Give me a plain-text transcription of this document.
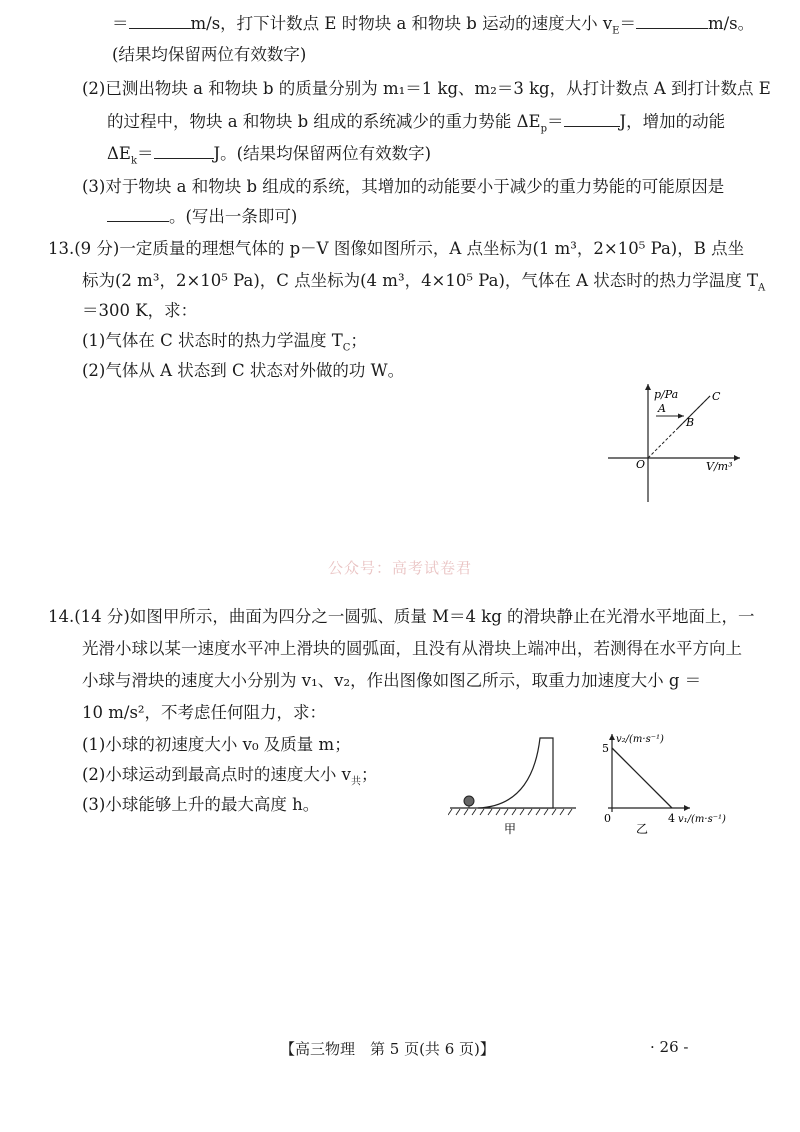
＝	m/s，打下计数点 E 时物块 a 和物块 b 运动的速度大小 $v_E=$	m/s。
(结果均保留两位有效数字)
(2)已测出物块 a 和物块 b 的质量分别为 m₁＝1 kg、m₂＝3 kg，从打计数点 A 到打计数点 E
的过程中，物块 a 和物块 b 组成的系统减少的重力势能 $\Delta E_p=$	J，增加的动能
$\Delta E_k=$	J。(结果均保留两位有效数字)
(3)对于物块 a 和物块 b 组成的系统，其增加的动能要小于减少的重力势能的可能原因是
。(写出一条即可)
13.(9 分)一定质量的理想气体的 p－V 图像如图所示，A 点坐标为(1 m³，2×10⁵ Pa)，B 点坐
标为(2 m³，2×10⁵ Pa)，C 点坐标为(4 m³，4×10⁵ Pa)，气体在 A 状态时的热力学温度 $T_A$
＝300 K，求：
(1)气体在 C 状态时的热力学温度 $T_C$；
(2)气体从 A 状态到 C 状态对外做的功 W。
p/Pa
V/m³
O
A
B
C
公众号：高考试卷君
14.(14 分)如图甲所示，曲面为四分之一圆弧、质量 M＝4 kg 的滑块静止在光滑水平地面上，一
光滑小球以某一速度水平冲上滑块的圆弧面，且没有从滑块上端冲出，若测得在水平方向上
小球与滑块的速度大小分别为 v₁、v₂，作出图像如图乙所示，取重力加速度大小 g ＝
10 m/s²，不考虑任何阻力，求：
(1)小球的初速度大小 v₀ 及质量 m；
(2)小球运动到最高点时的速度大小 $v_共$；
(3)小球能够上升的最大高度 h。
甲
v₂/(m·s⁻¹)
5
0	4 v₁/(m·s⁻¹)
乙
【高三物理　第 5 页(共 6 页)】	· 26 -
